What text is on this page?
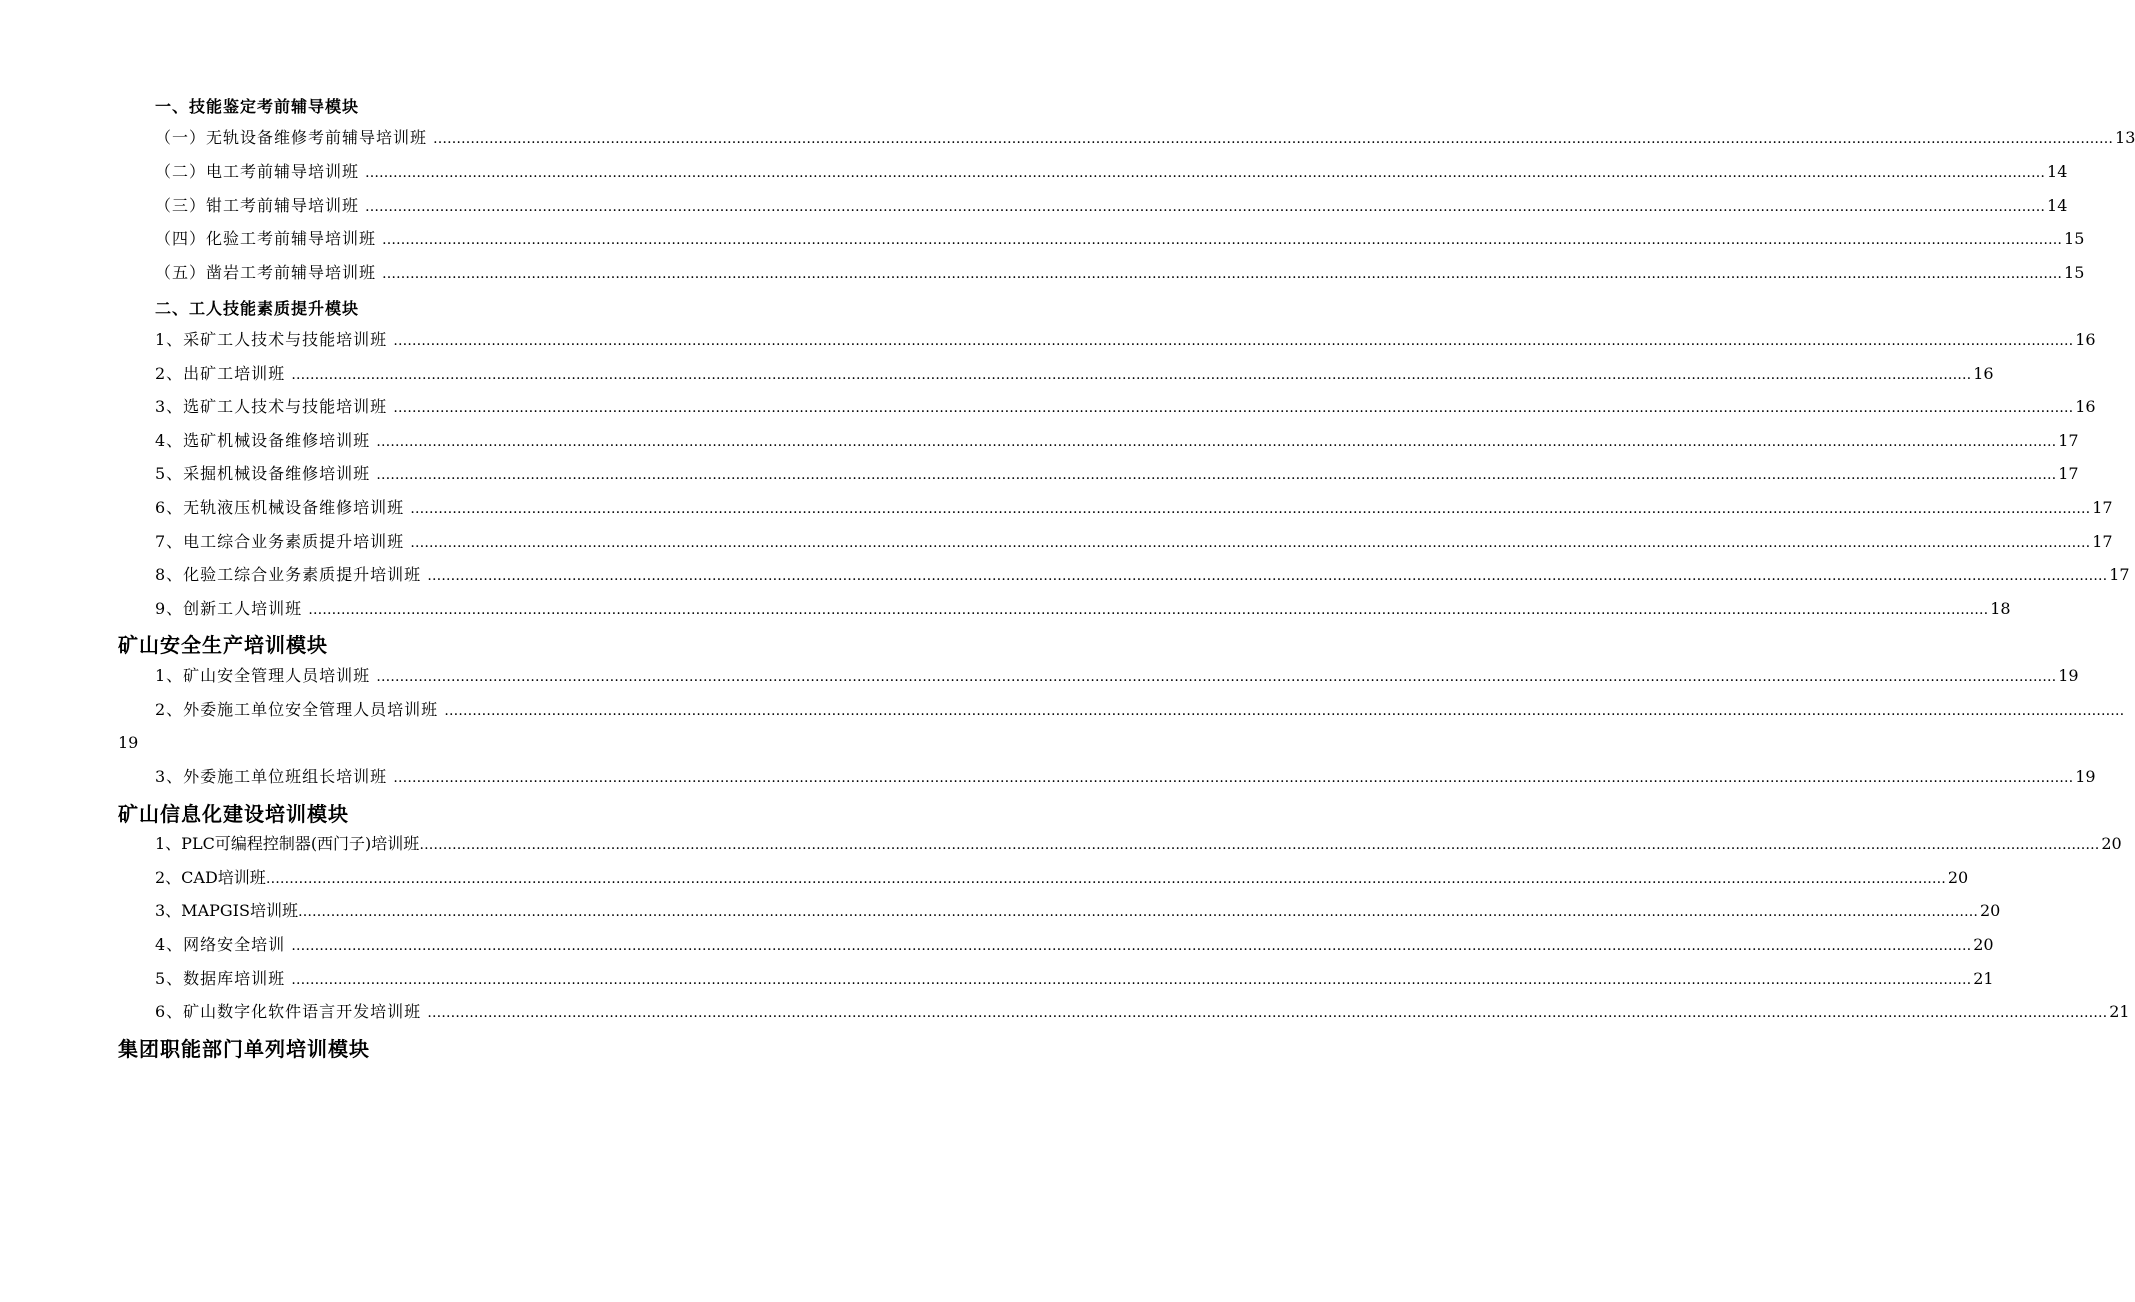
一、技能鉴定考前辅导模块
（一）无轨设备维修考前辅导培训班 ……………………………………………………………………………………………………………………………………………………………………………………………………………………………………………………………………………………………………………………………… 13
（二）电工考前辅导培训班 ……………………………………………………………………………………………………………………………………………………………………………………………………………………………………………………………………………………………………………………………… 14
（三）钳工考前辅导培训班 ……………………………………………………………………………………………………………………………………………………………………………………………………………………………………………………………………………………………………………………………… 14
（四）化验工考前辅导培训班 ……………………………………………………………………………………………………………………………………………………………………………………………………………………………………………………………………………………………………………………………… 15
（五）凿岩工考前辅导培训班 ……………………………………………………………………………………………………………………………………………………………………………………………………………………………………………………………………………………………………………………………… 15
二、工人技能素质提升模块
1、采矿工人技术与技能培训班 ……………………………………………………………………………………………………………………………………………………………………………………………………………………………………………………………………………………………………………………………… 16
2、出矿工培训班 ……………………………………………………………………………………………………………………………………………………………………………………………………………………………………………………………………………………………………………………………… 16
3、选矿工人技术与技能培训班 ……………………………………………………………………………………………………………………………………………………………………………………………………………………………………………………………………………………………………………………………… 16
4、选矿机械设备维修培训班 ……………………………………………………………………………………………………………………………………………………………………………………………………………………………………………………………………………………………………………………………… 17
5、采掘机械设备维修培训班 ……………………………………………………………………………………………………………………………………………………………………………………………………………………………………………………………………………………………………………………………… 17
6、无轨液压机械设备维修培训班 ……………………………………………………………………………………………………………………………………………………………………………………………………………………………………………………………………………………………………………………………… 17
7、电工综合业务素质提升培训班 ……………………………………………………………………………………………………………………………………………………………………………………………………………………………………………………………………………………………………………………………… 17
8、化验工综合业务素质提升培训班 ……………………………………………………………………………………………………………………………………………………………………………………………………………………………………………………………………………………………………………………………… 17
9、创新工人培训班 ……………………………………………………………………………………………………………………………………………………………………………………………………………………………………………………………………………………………………………………………… 18
矿山安全生产培训模块
1、矿山安全管理人员培训班 ……………………………………………………………………………………………………………………………………………………………………………………………………………………………………………………………………………………………………………………………… 19
2、外委施工单位安全管理人员培训班 ………………………………………………………………………………………………………………………………………………………………………………………………………………………………………………………………………………………………………………………………
19
3、外委施工单位班组长培训班 ……………………………………………………………………………………………………………………………………………………………………………………………………………………………………………………………………………………………………………………………… 19
矿山信息化建设培训模块
1、PLC可编程控制器(西门子)培训班 ……………………………………………………………………………………………………………………………………………………………………………………………………………………………………………………………………………………………………………………………… 20
2、CAD培训班 ……………………………………………………………………………………………………………………………………………………………………………………………………………………………………………………………………………………………………………………………… 20
3、MAPGIS培训班 ……………………………………………………………………………………………………………………………………………………………………………………………………………………………………………………………………………………………………………………………… 20
4、网络安全培训 ……………………………………………………………………………………………………………………………………………………………………………………………………………………………………………………………………………………………………………………………… 20
5、数据库培训班 ……………………………………………………………………………………………………………………………………………………………………………………………………………………………………………………………………………………………………………………………… 21
6、矿山数字化软件语言开发培训班 ……………………………………………………………………………………………………………………………………………………………………………………………………………………………………………………………………………………………………………………………… 21
集团职能部门单列培训模块
